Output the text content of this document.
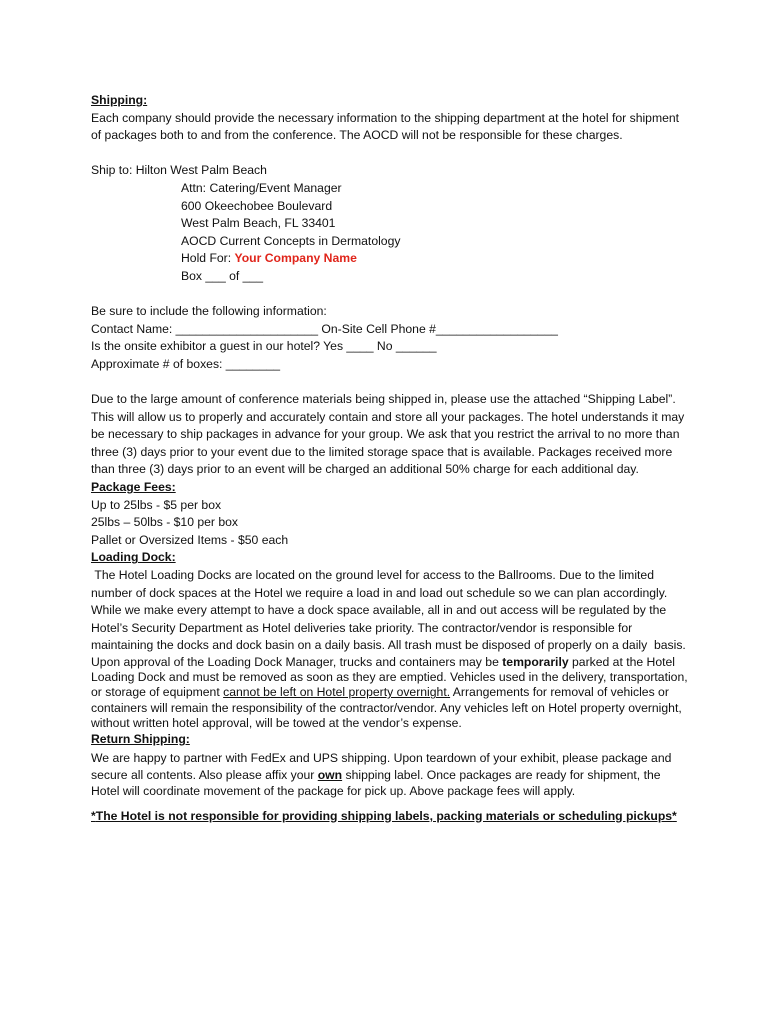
Shipping:

Each company should provide the necessary information to the shipping department at the hotel for shipment of packages both to and from the conference. The AOCD will not be responsible for these charges.

Ship to: Hilton West Palm Beach

Attn: Catering/Event Manager

600 Okeechobee Boulevard

West Palm Beach, FL 33401

AOCD Current Concepts in Dermatology

Hold For: Your Company Name

Box ___ of ___

Be sure to include the following information:

Contact Name: _____________________ On-Site Cell Phone #__________________

Is the onsite exhibitor a guest in our hotel? Yes ____ No ______

Approximate # of boxes: ________

Due to the large amount of conference materials being shipped in, please use the attached “Shipping Label”. This will allow us to properly and accurately contain and store all your packages. The hotel understands it may be necessary to ship packages in advance for your group. We ask that you restrict the arrival to no more than three (3) days prior to your event due to the limited storage space that is available. Packages received more than three (3) days prior to an event will be charged an additional 50% charge for each additional day.

Package Fees:

Up to 25lbs - $5 per box

25lbs – 50lbs - $10 per box

Pallet or Oversized Items - $50 each

Loading Dock:

The Hotel Loading Docks are located on the ground level for access to the Ballrooms. Due to the limited number of dock spaces at the Hotel we require a load in and load out schedule so we can plan accordingly. While we make every attempt to have a dock space available, all in and out access will be regulated by the Hotel’s Security Department as Hotel deliveries take priority. The contractor/vendor is responsible for maintaining the docks and dock basin on a daily basis. All trash must be disposed of properly on a daily  basis.

Upon approval of the Loading Dock Manager, trucks and containers may be temporarily parked at the Hotel Loading Dock and must be removed as soon as they are emptied. Vehicles used in the delivery, transportation, or storage of equipment cannot be left on Hotel property overnight. Arrangements for removal of vehicles or containers will remain the responsibility of the contractor/vendor. Any vehicles left on Hotel property overnight, without written hotel approval, will be towed at the vendor’s expense.

Return Shipping:

We are happy to partner with FedEx and UPS shipping. Upon teardown of your exhibit, please package and secure all contents. Also please affix your own shipping label. Once packages are ready for shipment, the Hotel will coordinate movement of the package for pick up. Above package fees will apply.

*The Hotel is not responsible for providing shipping labels, packing materials or scheduling pickups*
